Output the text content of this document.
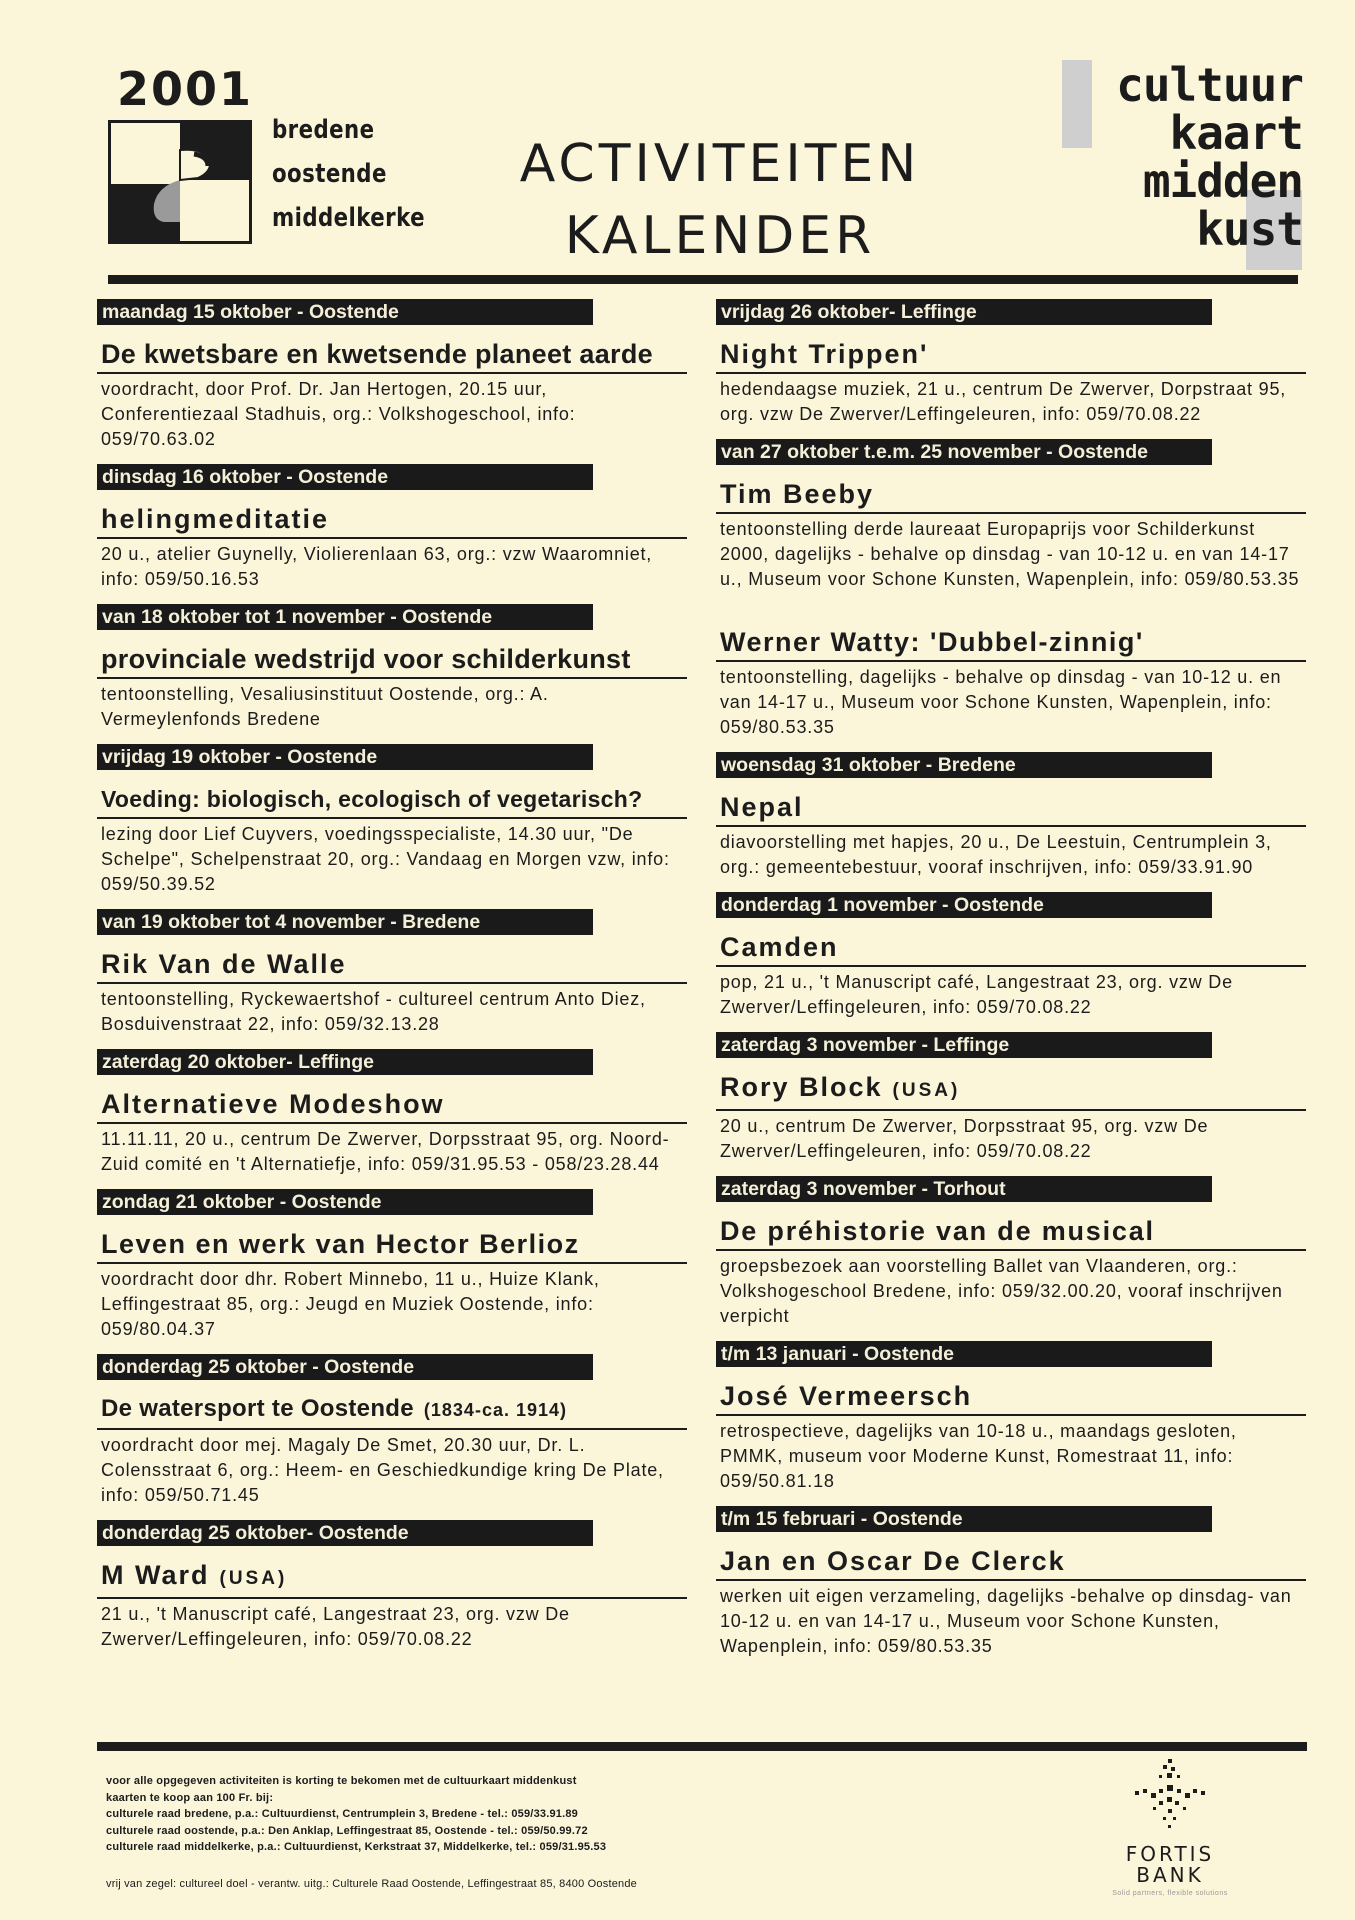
2001
bredene
oostende
middelkerke
ACTIVITEITEN
KALENDER
cultuur
kaart
midden
kust
maandag 15 oktober - Oostende
De kwetsbare en kwetsende planeet aarde
voordracht, door Prof. Dr. Jan Hertogen, 20.15 uur, Conferentiezaal Stadhuis, org.: Volkshogeschool, info: 059/70.63.02
dinsdag 16 oktober - Oostende
helingmeditatie
20 u., atelier Guynelly, Violierenlaan 63, org.: vzw Waaromniet, info: 059/50.16.53
van 18 oktober tot 1 november - Oostende
provinciale wedstrijd voor schilderkunst
tentoonstelling, Vesaliusinstituut Oostende, org.: A. Vermeylenfonds Bredene
vrijdag 19 oktober - Oostende
Voeding: biologisch, ecologisch of vegetarisch?
lezing door Lief Cuyvers, voedingsspecialiste, 14.30 uur, "De Schelpe", Schelpenstraat 20, org.: Vandaag en Morgen vzw, info: 059/50.39.52
van 19 oktober tot 4 november - Bredene
Rik Van de Walle
tentoonstelling, Ryckewaertshof - cultureel centrum Anto Diez, Bosduivenstraat 22, info: 059/32.13.28
zaterdag 20 oktober- Leffinge
Alternatieve Modeshow
11.11.11, 20 u., centrum De Zwerver, Dorpsstraat 95, org. Noord-Zuid comité en 't Alternatiefje, info: 059/31.95.53 - 058/23.28.44
zondag 21 oktober - Oostende
Leven en werk van Hector Berlioz
voordracht door dhr. Robert Minnebo, 11 u., Huize Klank, Leffingestraat 85, org.: Jeugd en Muziek Oostende, info: 059/80.04.37
donderdag 25 oktober - Oostende
De watersport te Oostende (1834-ca. 1914)
voordracht door mej. Magaly De Smet, 20.30 uur, Dr. L. Colensstraat 6, org.: Heem- en Geschiedkundige kring De Plate, info: 059/50.71.45
donderdag 25 oktober- Oostende
M Ward (USA)
21 u., 't Manuscript café, Langestraat 23, org. vzw De Zwerver/Leffingeleuren, info: 059/70.08.22
vrijdag 26 oktober- Leffinge
Night Trippen'
hedendaagse muziek, 21 u., centrum De Zwerver, Dorpstraat 95, org. vzw De Zwerver/Leffingeleuren, info: 059/70.08.22
van 27 oktober t.e.m. 25 november - Oostende
Tim Beeby
tentoonstelling derde laureaat Europaprijs voor Schilderkunst 2000, dagelijks - behalve op dinsdag - van 10-12 u. en van 14-17 u., Museum voor Schone Kunsten, Wapenplein, info: 059/80.53.35
Werner Watty: 'Dubbel-zinnig'
tentoonstelling, dagelijks - behalve op dinsdag - van 10-12 u. en van 14-17 u., Museum voor Schone Kunsten, Wapenplein, info: 059/80.53.35
woensdag 31 oktober - Bredene
Nepal
diavoorstelling met hapjes, 20 u., De Leestuin, Centrumplein 3, org.: gemeentebestuur, vooraf inschrijven, info: 059/33.91.90
donderdag 1 november - Oostende
Camden
pop, 21 u., 't Manuscript café, Langestraat 23, org. vzw De Zwerver/Leffingeleuren, info: 059/70.08.22
zaterdag 3 november - Leffinge
Rory Block (USA)
20 u., centrum De Zwerver, Dorpsstraat 95, org. vzw De Zwerver/Leffingeleuren, info: 059/70.08.22
zaterdag 3 november - Torhout
De préhistorie van de musical
groepsbezoek aan voorstelling Ballet van Vlaanderen, org.: Volkshogeschool Bredene, info: 059/32.00.20, vooraf inschrijven verpicht
t/m 13 januari - Oostende
José Vermeersch
retrospectieve, dagelijks van 10-18 u., maandags gesloten, PMMK, museum voor Moderne Kunst, Romestraat 11, info: 059/50.81.18
t/m 15 februari - Oostende
Jan en Oscar De Clerck
werken uit eigen verzameling, dagelijks -behalve op dinsdag- van 10-12 u. en van 14-17 u., Museum voor Schone Kunsten, Wapenplein, info: 059/80.53.35
voor alle opgegeven activiteiten is korting te bekomen met de cultuurkaart middenkust
kaarten te koop aan 100 Fr. bij:
culturele raad bredene, p.a.: Cultuurdienst, Centrumplein 3, Bredene - tel.: 059/33.91.89
culturele raad oostende, p.a.: Den Anklap, Leffingestraat 85, Oostende - tel.: 059/50.99.72
culturele raad middelkerke, p.a.: Cultuurdienst, Kerkstraat 37, Middelkerke, tel.: 059/31.95.53
vrij van zegel: cultureel doel - verantw. uitg.: Culturele Raad Oostende, Leffingestraat 85, 8400 Oostende
FORTIS
BANK
Solid partners, flexible solutions
